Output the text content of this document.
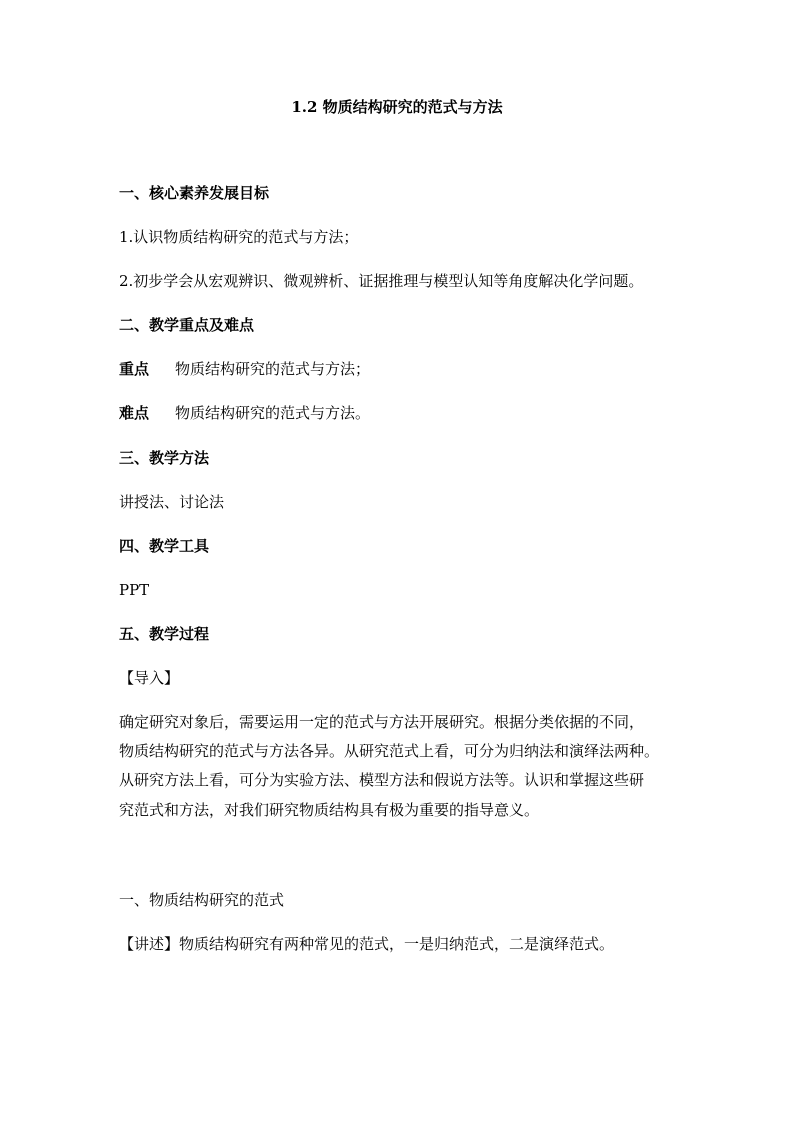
1.2 物质结构研究的范式与方法
一、核心素养发展目标
1.认识物质结构研究的范式与方法；
2.初步学会从宏观辨识、微观辨析、证据推理与模型认知等角度解决化学问题。
二、教学重点及难点
重点 物质结构研究的范式与方法；
难点 物质结构研究的范式与方法。
三、教学方法
讲授法、讨论法
四、教学工具
PPT
五、教学过程
【导入】
确定研究对象后，需要运用一定的范式与方法开展研究。根据分类依据的不同，
物质结构研究的范式与方法各异。从研究范式上看，可分为归纳法和演绎法两种。
从研究方法上看，可分为实验方法、模型方法和假说方法等。认识和掌握这些研
究范式和方法，对我们研究物质结构具有极为重要的指导意义。
一、物质结构研究的范式
【讲述】物质结构研究有两种常见的范式，一是归纳范式，二是演绎范式。
